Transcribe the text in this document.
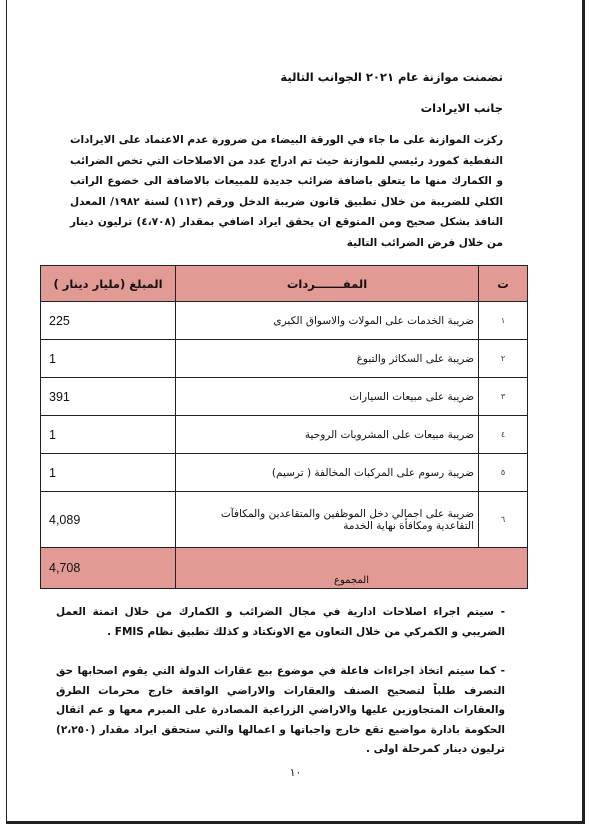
تضمنت موازنة عام ٢٠٢١ الجوانب التالية
جانب الايرادات
ركزت الموازنة على ما جاء في الورقة البيضاء من ضرورة عدم الاعتماد على الايرادات النفطية كمورد رئيسي للموازنة حيث تم ادراج عدد من الاصلاحات التي تخص الضرائب و الكمارك منها ما يتعلق باضافة ضرائب جديدة للمبيعات بالاضافة الى خضوع الراتب الكلي للضريبة من خلال تطبيق قانون ضريبة الدخل ورقم (١١٣) لسنة ١٩٨٢/ المعدل النافذ بشكل صحيح ومن المتوقع ان يحقق ايراد اضافي بمقدار (٤،٧٠٨) ترليون دينار من خلال فرض الضرائب التالية
ت	المفـــــــردات	المبلغ (مليار دينار )
١	ضريبة الخدمات على المولات والاسواق الكبرى	225
٢	ضريبة على السكائر والتبوغ	1
٣	ضريبة على مبيعات السيارات	391
٤	ضريبة مبيعات على المشروبات الروحية	1
٥	ضريبة رسوم على المركبات المخالفة ( ترسيم)	1
٦	ضريبة على اجمالي دخل الموظفين والمتقاعدين والمكافآت التقاعدية ومكافأة نهاية الخدمة	4,089
المجموع		4,708
- سيتم اجراء اصلاحات ادارية في مجال الضرائب و الكمارك من خلال اتمتة العمل الضريبي و الكمركي من خلال التعاون مع الاونكتاد و كذلك تطبيق نظام FMIS .
- كما سيتم اتخاذ اجراءات فاعلة في موضوع بيع عقارات الدولة التي يقوم اصحابها حق التصرف طلباً لتصحيح الصنف والعقارات والاراضي الواقعة خارج محرمات الطرق والعقارات المتجاوزين عليها والاراضي الزراعية المصادرة على المبرم معها و عم اثقال الحكومة بادارة مواضيع تقع خارج واجباتها و اعمالها والتي ستحقق ايراد مقدار (٢،٢٥٠) ترليون دينار كمرحلة اولى .
١٠
